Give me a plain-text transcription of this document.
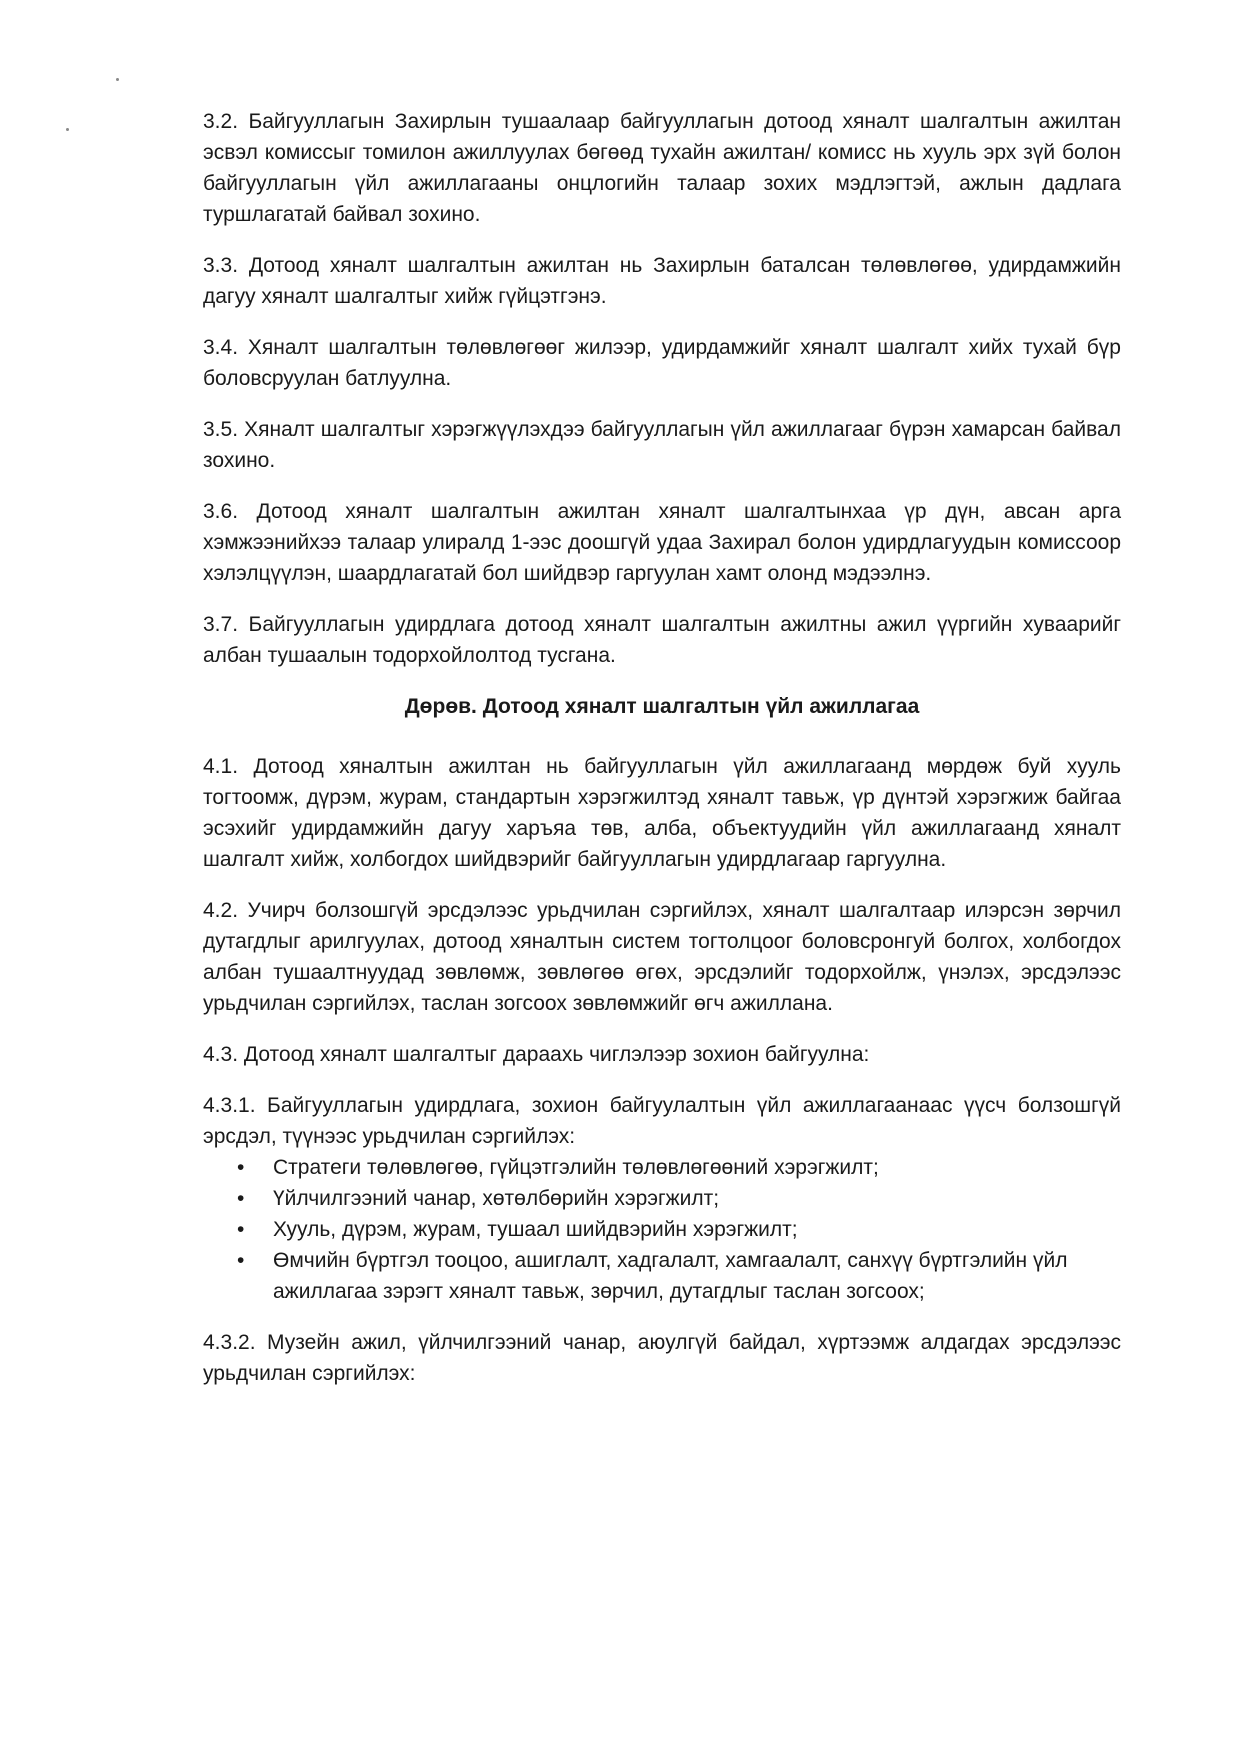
3.2. Байгууллагын Захирлын тушаалаар байгууллагын дотоод хяналт шалгалтын ажилтан эсвэл комиссыг томилон ажиллуулах бөгөөд тухайн ажилтан/ комисс нь хууль эрх зүй болон байгууллагын үйл ажиллагааны онцлогийн талаар зохих мэдлэгтэй, ажлын дадлага туршлагатай байвал зохино.

3.3. Дотоод хяналт шалгалтын ажилтан нь Захирлын баталсан төлөвлөгөө, удирдамжийн дагуу хяналт шалгалтыг хийж гүйцэтгэнэ.

3.4. Хяналт шалгалтын төлөвлөгөөг жилээр, удирдамжийг хяналт шалгалт хийх тухай бүр боловсруулан батлуулна.

3.5. Хяналт шалгалтыг хэрэгжүүлэхдээ байгууллагын үйл ажиллагааг бүрэн хамарсан байвал зохино.

3.6. Дотоод хяналт шалгалтын ажилтан хяналт шалгалтынхаа үр дүн, авсан арга хэмжээнийхээ талаар улиралд 1-ээс доошгүй удаа Захирал болон удирдлагуудын комиссоор хэлэлцүүлэн, шаардлагатай бол шийдвэр гаргуулан хамт олонд мэдээлнэ.

3.7. Байгууллагын удирдлага дотоод хяналт шалгалтын ажилтны ажил үүргийн хуваарийг албан тушаалын тодорхойлолтод тусгана.

Дөрөв. Дотоод хяналт шалгалтын үйл ажиллагаа

4.1. Дотоод хяналтын ажилтан нь байгууллагын үйл ажиллагаанд мөрдөж буй хууль тогтоомж, дүрэм, журам, стандартын хэрэгжилтэд хяналт тавьж, үр дүнтэй хэрэгжиж байгаа эсэхийг удирдамжийн дагуу харъяа төв, алба, объектуудийн үйл ажиллагаанд хяналт шалгалт хийж, холбогдох шийдвэрийг байгууллагын удирдлагаар гаргуулна.

4.2. Учирч болзошгүй эрсдэлээс урьдчилан сэргийлэх, хяналт шалгалтаар илэрсэн зөрчил дутагдлыг арилгуулах, дотоод хяналтын систем тогтолцоог боловсронгуй болгох, холбогдох албан тушаалтнуудад зөвлөмж, зөвлөгөө өгөх, эрсдэлийг тодорхойлж, үнэлэх, эрсдэлээс урьдчилан сэргийлэх, таслан зогсоох зөвлөмжийг өгч ажиллана.

4.3. Дотоод хяналт шалгалтыг дараахь чиглэлээр зохион байгуулна:

4.3.1. Байгууллагын удирдлага, зохион байгуулалтын үйл ажиллагаанаас үүсч болзошгүй эрсдэл, түүнээс урьдчилан сэргийлэх:

• Стратеги төлөвлөгөө, гүйцэтгэлийн төлөвлөгөөний хэрэгжилт;
• Үйлчилгээний чанар, хөтөлбөрийн хэрэгжилт;
• Хууль, дүрэм, журам, тушаал шийдвэрийн хэрэгжилт;
• Өмчийн бүртгэл тооцоо, ашиглалт, хадгалалт, хамгаалалт, санхүү бүртгэлийн үйл ажиллагаа зэрэгт хяналт тавьж, зөрчил, дутагдлыг таслан зогсоох;

4.3.2. Музейн ажил, үйлчилгээний чанар, аюулгүй байдал, хүртээмж алдагдах эрсдэлээс урьдчилан сэргийлэх:
